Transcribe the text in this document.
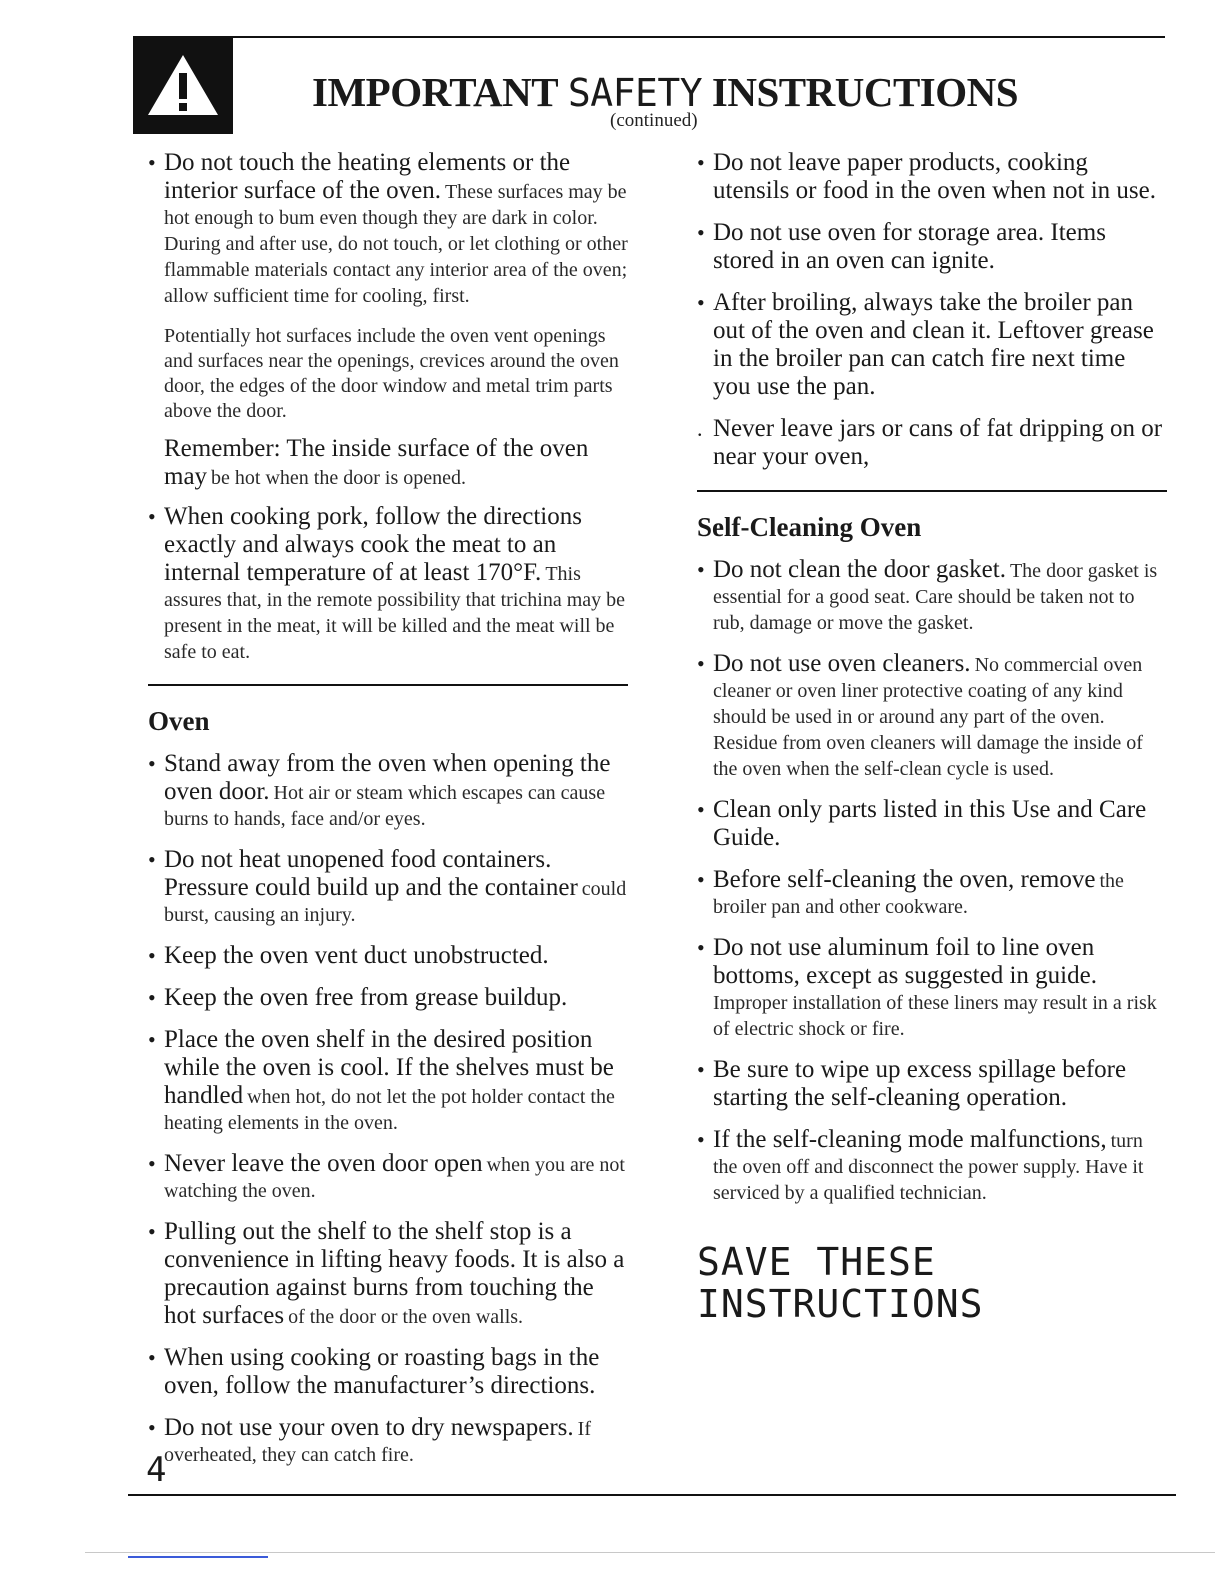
IMPORTANT SAFETY INSTRUCTIONS
(continued)
• Do not touch the heating elements or the interior surface of the oven. These surfaces may be hot enough to bum even though they are dark in color. During and after use, do not touch, or let clothing or other flammable materials contact any interior area of the oven; allow sufficient time for cooling, first.
Potentially hot surfaces include the oven vent openings and surfaces near the openings, crevices around the oven door, the edges of the door window and metal trim parts above the door.
Remember: The inside surface of the oven may be hot when the door is opened.
• When cooking pork, follow the directions exactly and always cook the meat to an internal temperature of at least 170°F. This assures that, in the remote possibility that trichina may be present in the meat, it will be killed and the meat will be safe to eat.
Oven
• Stand away from the oven when opening the oven door. Hot air or steam which escapes can cause burns to hands, face and/or eyes.
• Do not heat unopened food containers. Pressure could build up and the container could burst, causing an injury.
• Keep the oven vent duct unobstructed.
• Keep the oven free from grease buildup.
• Place the oven shelf in the desired position while the oven is cool. If the shelves must be handled when hot, do not let the pot holder contact the heating elements in the oven.
• Never leave the oven door open when you are not watching the oven.
• Pulling out the shelf to the shelf stop is a convenience in lifting heavy foods. It is also a precaution against burns from touching the hot surfaces of the door or the oven walls.
• When using cooking or roasting bags in the oven, follow the manufacturer’s directions.
• Do not use your oven to dry newspapers. If overheated, they can catch fire.
• Do not leave paper products, cooking utensils or food in the oven when not in use.
• Do not use oven for storage area. Items stored in an oven can ignite.
• After broiling, always take the broiler pan out of the oven and clean it. Leftover grease in the broiler pan can catch fire next time you use the pan.
. Never leave jars or cans of fat dripping on or near your oven,
Self-Cleaning Oven
• Do not clean the door gasket. The door gasket is essential for a good seat. Care should be taken not to rub, damage or move the gasket.
• Do not use oven cleaners. No commercial oven cleaner or oven liner protective coating of any kind should be used in or around any part of the oven. Residue from oven cleaners will damage the inside of the oven when the self-clean cycle is used.
• Clean only parts listed in this Use and Care Guide.
• Before self-cleaning the oven, remove the broiler pan and other cookware.
• Do not use aluminum foil to line oven bottoms, except as suggested in guide. Improper installation of these liners may result in a risk of electric shock or fire.
• Be sure to wipe up excess spillage before starting the self-cleaning operation.
• If the self-cleaning mode malfunctions, turn the oven off and disconnect the power supply. Have it serviced by a qualified technician.
SAVE THESE
INSTRUCTIONS
4
